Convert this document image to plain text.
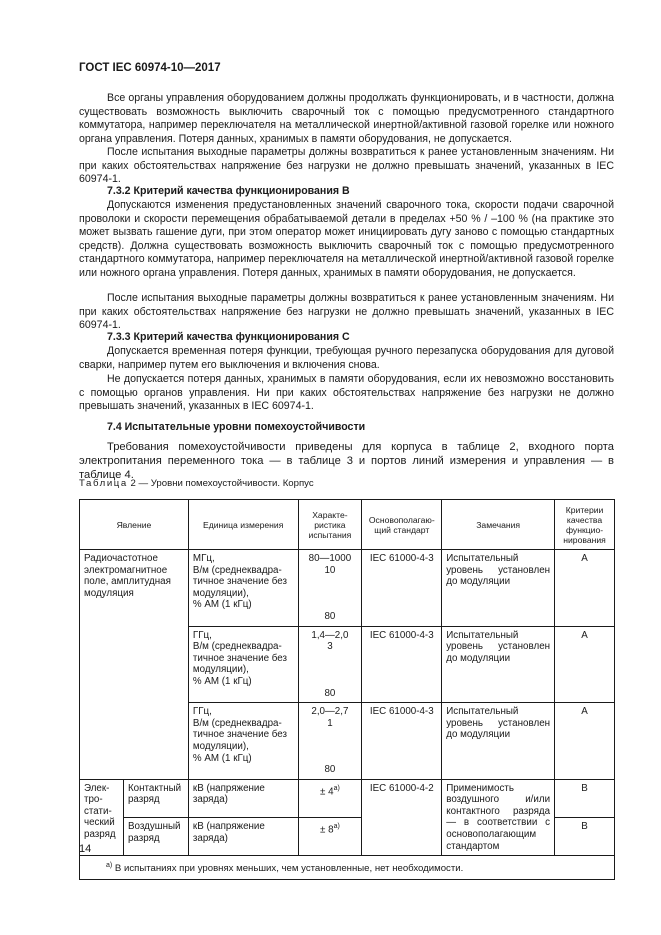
ГОСТ IEC 60974-10—2017
Все органы управления оборудованием должны продолжать функционировать, и в частности, должна существовать возможность выключить сварочный ток с помощью предусмотренного стандартного коммутатора, например переключателя на металлической инертной/активной газовой горелке или ножного органа управления. Потеря данных, хранимых в памяти оборудования, не допускается.
После испытания выходные параметры должны возвратиться к ранее установленным значениям. Ни при каких обстоятельствах напряжение без нагрузки не должно превышать значений, указанных в IEC 60974-1.
7.3.2 Критерий качества функционирования B
Допускаются изменения предустановленных значений сварочного тока, скорости подачи сварочной проволоки и скорости перемещения обрабатываемой детали в пределах +50 % / –100 % (на практике это может вызвать гашение дуги, при этом оператор может инициировать дугу заново с помощью стандартных средств). Должна существовать возможность выключить сварочный ток с помощью предусмотренного стандартного коммутатора, например переключателя на металлической инертной/активной газовой горелке или ножного органа управления. Потеря данных, хранимых в памяти оборудования, не допускается.
После испытания выходные параметры должны возвратиться к ранее установленным значениям. Ни при каких обстоятельствах напряжение без нагрузки не должно превышать значений, указанных в IEC 60974-1.
7.3.3 Критерий качества функционирования C
Допускается временная потеря функции, требующая ручного перезапуска оборудования для дуговой сварки, например путем его выключения и включения снова.
Не допускается потеря данных, хранимых в памяти оборудования, если их невозможно восстановить с помощью органов управления. Ни при каких обстоятельствах напряжение без нагрузки не должно превышать значений, указанных в IEC 60974-1.
7.4 Испытательные уровни помехоустойчивости
Требования помехоустойчивости приведены для корпуса в таблице 2, входного порта электропитания переменного тока — в таблице 3 и портов линий измерения и управления — в таблице 4.
Таблица 2 — Уровни помехоустойчивости. Корпус
Явление		Единица измерения	Характе-ристика испытания	Основополагаю-щий стандарт	Замечания	Критерии качества функцио-нирования
Радиочастотное электромагнитное поле, амплитудная модуляция		МГц,
В/м (среднеквадра-тичное значение без модуляции),
% AM (1 кГц)	80—1000
10

80	IEC 61000-4-3	Испытательный уровень установлен до модуляции	A
		ГГц,
В/м (среднеквадра-тичное значение без модуляции),
% AM (1 кГц)	1,4—2,0
3

80	IEC 61000-4-3	Испытательный уровень установлен до модуляции	A
		ГГц,
В/м (среднеквадра-тичное значение без модуляции),
% AM (1 кГц)	2,0—2,7
1

80	IEC 61000-4-3	Испытательный уровень установлен до модуляции	A
Элек-тро-стати-ческий разряд	Контактный разряд	кВ (напряжение заряда)	± $4^{a)}$	IEC 61000-4-2	Применимость воздушного и/или контактного разряда — в соответствии с основополагающим стандартом	B
	Воздушный разряд	кВ (напряжение заряда)	± $8^{a)}$			B
$^{a)}$ В испытаниях при уровнях меньших, чем установленные, нет необходимости.						
14
